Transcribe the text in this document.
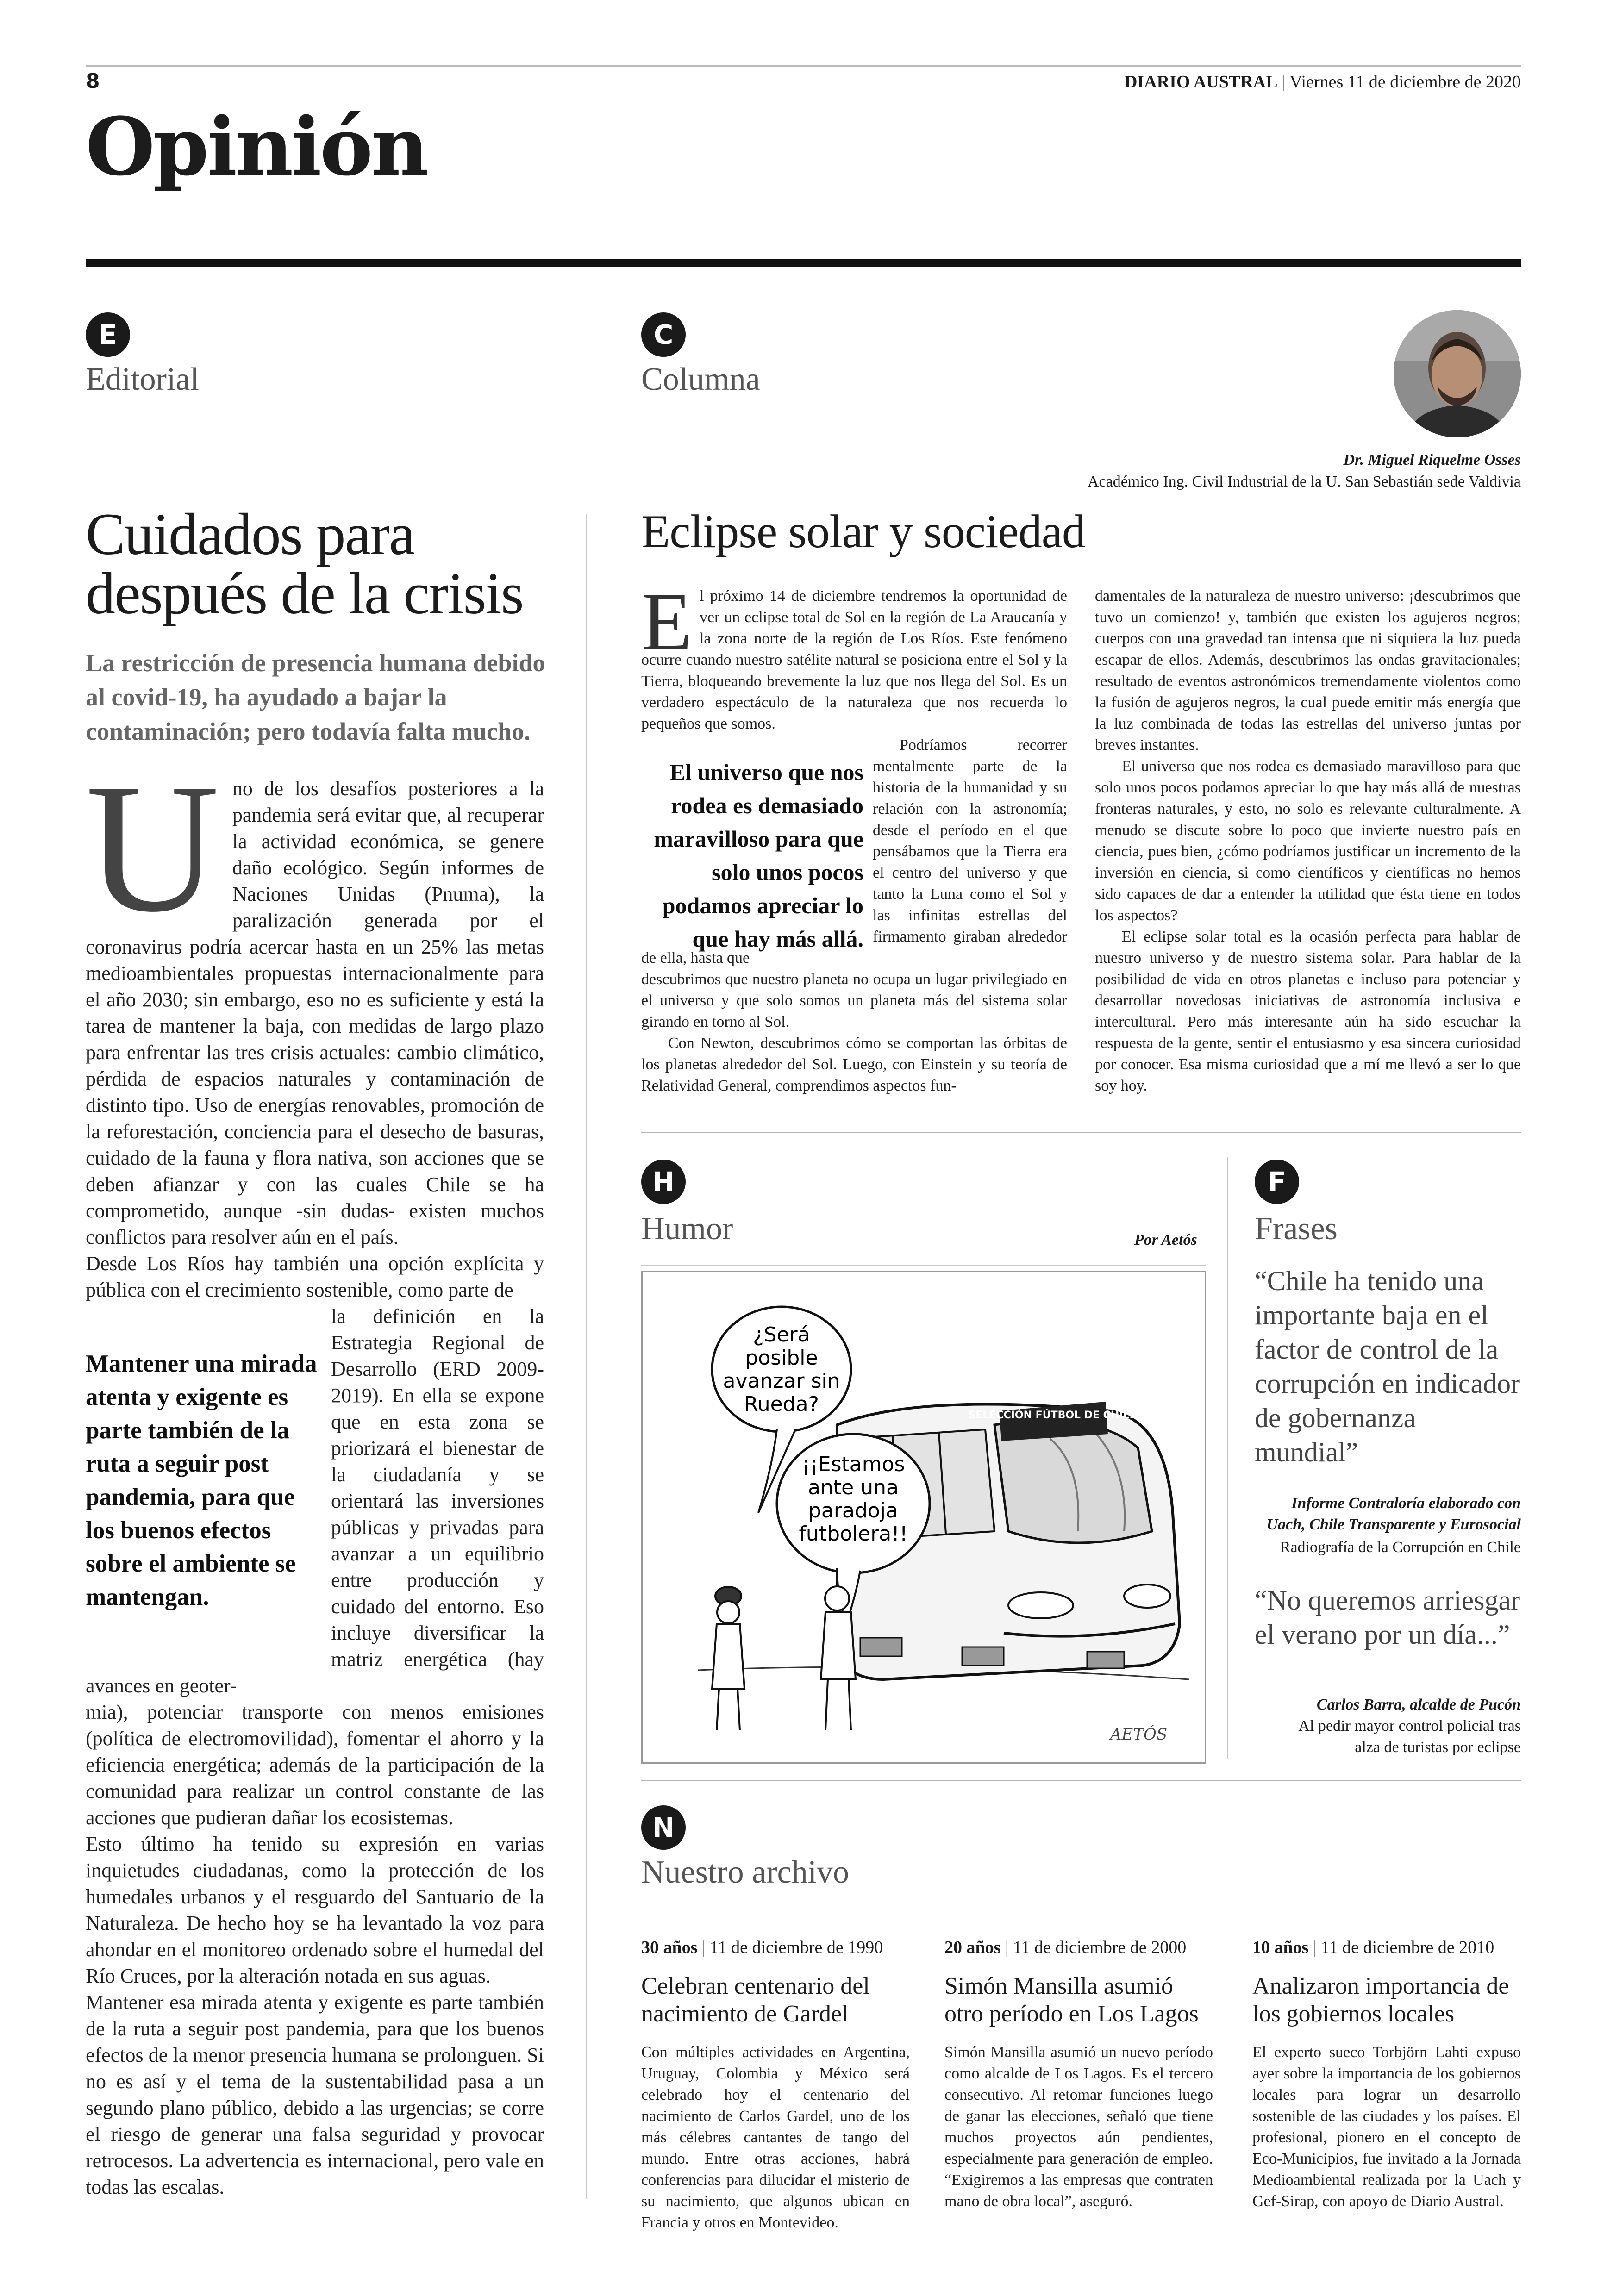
8	DIARIO AUSTRAL | Viernes 11 de diciembre de 2020
Opinión
E
Editorial
Cuidados para después de la crisis
La restricción de presencia humana debido al covid-19, ha ayudado a bajar la contaminación; pero todavía falta mucho.
U no de los desafíos posteriores a la pandemia será evitar que, al recuperar la actividad económica, se genere daño ecológico. Según informes de Naciones Unidas (Pnuma), la paralización generada por el coronavirus podría acercar hasta en un 25% las metas medioambientales propuestas internacionalmente para el año 2030; sin embargo, eso no es suficiente y está la tarea de mantener la baja, con medidas de largo plazo para enfrentar las tres crisis actuales: cambio climático, pérdida de espacios naturales y contaminación de distinto tipo. Uso de energías renovables, promoción de la reforestación, conciencia para el desecho de basuras, cuidado de la fauna y flora nativa, son acciones que se deben afianzar y con las cuales Chile se ha comprometido, aunque -sin dudas- existen muchos conflictos para resolver aún en el país.

Desde Los Ríos hay también una opción explícita y pública con el crecimiento sostenible, como parte de

Mantener una mirada atenta y exigente es parte también de la ruta a seguir post pandemia, para que los buenos efectos sobre el ambiente se mantengan.

la definición en la Estrategia Regional de Desarrollo (ERD 2009-2019). En ella se expone que en esta zona se priorizará el bienestar de la ciudadanía y se orientará las inversiones públicas y privadas para avanzar a un equilibrio entre producción y cuidado del entorno. Eso incluye diversificar la matriz energética (hay avances en geoter-

mia), potenciar transporte con menos emisiones (política de electromovilidad), fomentar el ahorro y la eficiencia energética; además de la participación de la comunidad para realizar un control constante de las acciones que pudieran dañar los ecosistemas.

Esto último ha tenido su expresión en varias inquietudes ciudadanas, como la protección de los humedales urbanos y el resguardo del Santuario de la Naturaleza. De hecho hoy se ha levantado la voz para ahondar en el monitoreo ordenado sobre el humedal del Río Cruces, por la alteración notada en sus aguas.

Mantener esa mirada atenta y exigente es parte también de la ruta a seguir post pandemia, para que los buenos efectos de la menor presencia humana se prolonguen. Si no es así y el tema de la sustentabilidad pasa a un segundo plano público, debido a las urgencias; se corre el riesgo de generar una falsa seguridad y provocar retrocesos. La advertencia es internacional, pero vale en todas las escalas.

C
Columna
Dr. Miguel Riquelme Osses
Académico Ing. Civil Industrial de la U. San Sebastián sede Valdivia
Eclipse solar y sociedad
E l próximo 14 de diciembre tendremos la oportunidad de ver un eclipse total de Sol en la región de La Araucanía y la zona norte de la región de Los Ríos. Este fenómeno ocurre cuando nuestro satélite natural se posiciona entre el Sol y la Tierra, bloqueando brevemente la luz que nos llega del Sol. Es un verdadero espectáculo de la naturaleza que nos recuerda lo pequeños que somos.

El universo que nos rodea es demasiado maravilloso para que solo unos pocos podamos apreciar lo que hay más allá.

Podríamos recorrer mentalmente parte de la historia de la humanidad y su relación con la astronomía; desde el período en el que pensábamos que la Tierra era el centro del universo y que tanto la Luna como el Sol y las infinitas estrellas del firmamento giraban alrededor de ella, hasta que

descubrimos que nuestro planeta no ocupa un lugar privilegiado en el universo y que solo somos un planeta más del sistema solar girando en torno al Sol.

Con Newton, descubrimos cómo se comportan las órbitas de los planetas alrededor del Sol. Luego, con Einstein y su teoría de Relatividad General, comprendimos aspectos fun-

damentales de la naturaleza de nuestro universo: ¡descubrimos que tuvo un comienzo! y, también que existen los agujeros negros; cuerpos con una gravedad tan intensa que ni siquiera la luz pueda escapar de ellos. Además, descubrimos las ondas gravitacionales; resultado de eventos astronómicos tremendamente violentos como la fusión de agujeros negros, la cual puede emitir más energía que la luz combinada de todas las estrellas del universo juntas por breves instantes.

El universo que nos rodea es demasiado maravilloso para que solo unos pocos podamos apreciar lo que hay más allá de nuestras fronteras naturales, y esto, no solo es relevante culturalmente. A menudo se discute sobre lo poco que invierte nuestro país en ciencia, pues bien, ¿cómo podríamos justificar un incremento de la inversión en ciencia, si como científicos y científicas no hemos sido capaces de dar a entender la utilidad que ésta tiene en todos los aspectos?

El eclipse solar total es la ocasión perfecta para hablar de nuestro universo y de nuestro sistema solar. Para hablar de la posibilidad de vida en otros planetas e incluso para potenciar y desarrollar novedosas iniciativas de astronomía inclusiva e intercultural. Pero más interesante aún ha sido escuchar la respuesta de la gente, sentir el entusiasmo y esa sincera curiosidad por conocer. Esa misma curiosidad que a mí me llevó a ser lo que soy hoy.

H
Humor	Por Aetós
SELECCIÓN FÚTBOL DE CHILE
¿Será
posible
avanzar sin
Rueda?
¡¡Estamos
ante una
paradoja
futbolera!!
AETÓS
F
Frases
“Chile ha tenido una importante baja en el factor de control de la corrupción en indicador de gobernanza mundial”
Informe Contraloría elaborado con Uach, Chile Transparente y Eurosocial
Radiografía de la Corrupción en Chile
“No queremos arriesgar el verano por un día...”
Carlos Barra, alcalde de Pucón
Al pedir mayor control policial tras alza de turistas por eclipse
N
Nuestro archivo
30 años | 11 de diciembre de 1990
Celebran centenario del nacimiento de Gardel
Con múltiples actividades en Argentina, Uruguay, Colombia y México será celebrado hoy el centenario del nacimiento de Carlos Gardel, uno de los más célebres cantantes de tango del mundo. Entre otras acciones, habrá conferencias para dilucidar el misterio de su nacimiento, que algunos ubican en Francia y otros en Montevideo.
20 años | 11 de diciembre de 2000
Simón Mansilla asumió otro período en Los Lagos
Simón Mansilla asumió un nuevo período como alcalde de Los Lagos. Es el tercero consecutivo. Al retomar funciones luego de ganar las elecciones, señaló que tiene muchos proyectos aún pendientes, especialmente para generación de empleo. “Exigiremos a las empresas que contraten mano de obra local”, aseguró.
10 años | 11 de diciembre de 2010
Analizaron importancia de los gobiernos locales
El experto sueco Torbjörn Lahti expuso ayer sobre la importancia de los gobiernos locales para lograr un desarrollo sostenible de las ciudades y los países. El profesional, pionero en el concepto de Eco-Municipios, fue invitado a la Jornada Medioambiental realizada por la Uach y Gef-Sirap, con apoyo de Diario Austral.
